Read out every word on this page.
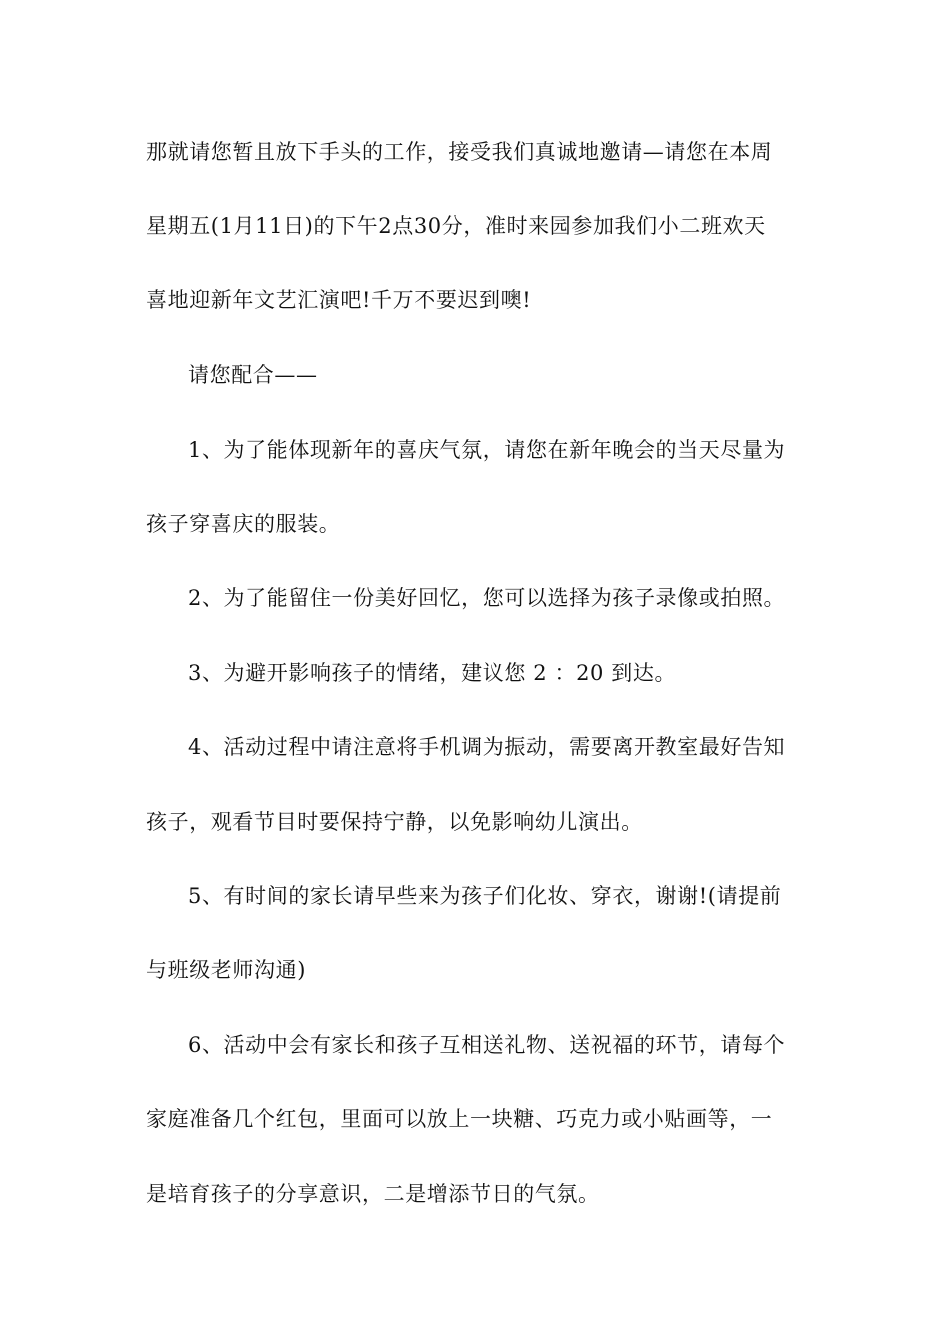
那就请您暂且放下手头的工作，接受我们真诚地邀请—请您在本周
星期五(1月11日)的下午2点30分，准时来园参加我们小二班欢天
喜地迎新年文艺汇演吧!千万不要迟到噢!
请您配合——
1、为了能体现新年的喜庆气氛，请您在新年晚会的当天尽量为
孩子穿喜庆的服装。
2、为了能留住一份美好回忆，您可以选择为孩子录像或拍照。
3、为避开影响孩子的情绪，建议您 2 ：20 到达。
4、活动过程中请注意将手机调为振动，需要离开教室最好告知
孩子，观看节目时要保持宁静，以免影响幼儿演出。
5、有时间的家长请早些来为孩子们化妆、穿衣，谢谢!(请提前
与班级老师沟通)
6、活动中会有家长和孩子互相送礼物、送祝福的环节，请每个
家庭准备几个红包，里面可以放上一块糖、巧克力或小贴画等，一
是培育孩子的分享意识，二是增添节日的气氛。
